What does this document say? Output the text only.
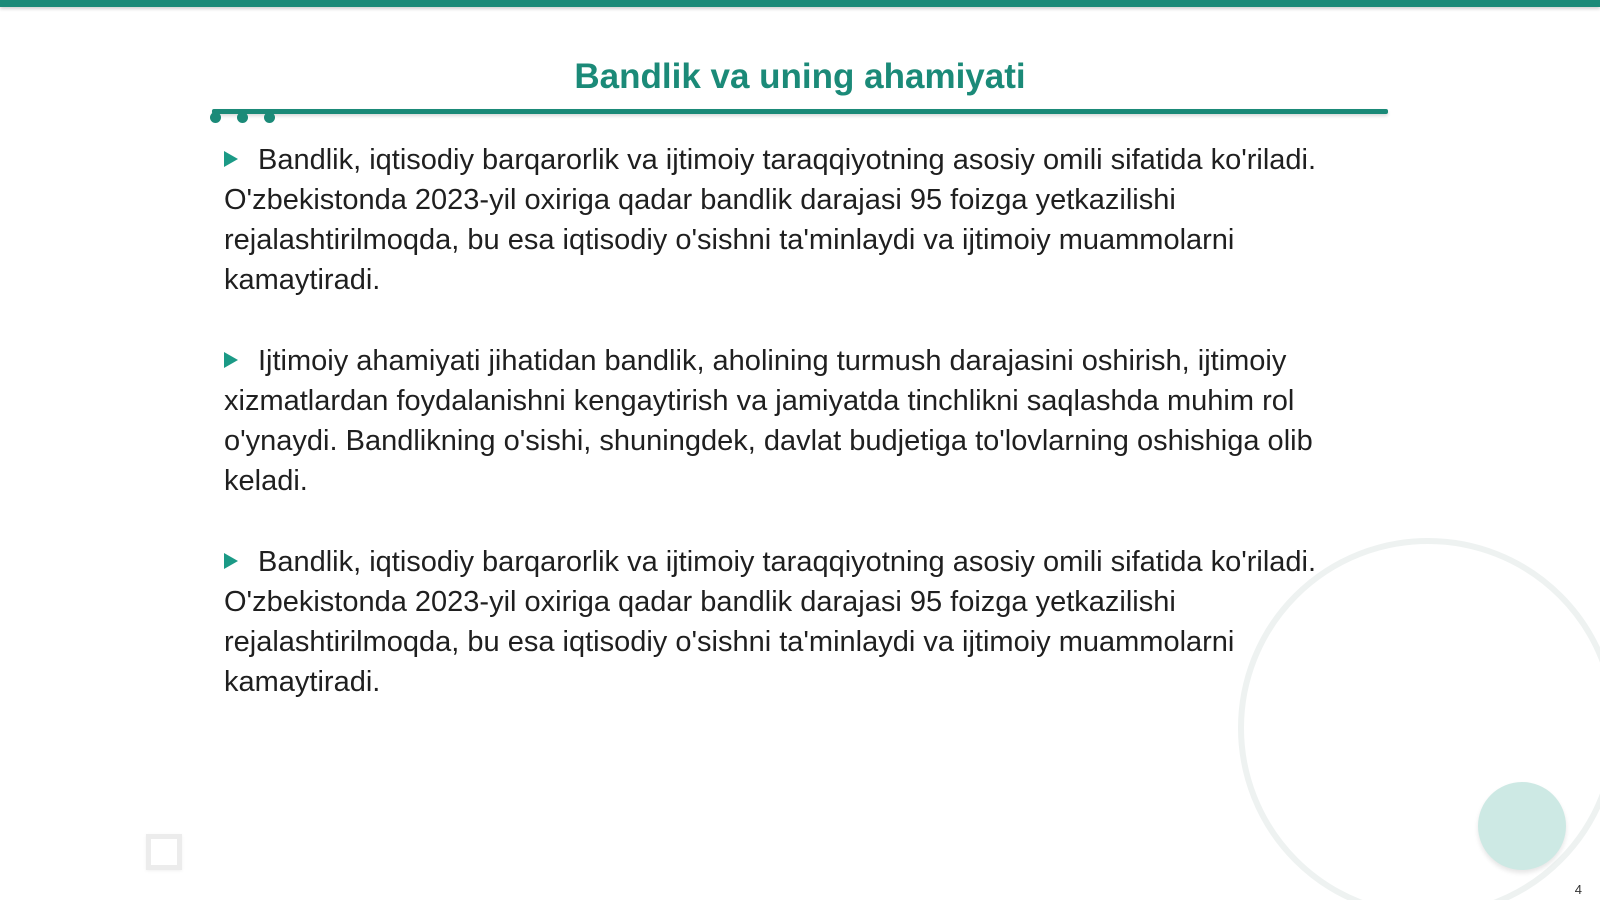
Bandlik va uning ahamiyati

Bandlik, iqtisodiy barqarorlik va ijtimoiy taraqqiyotning asosiy omili sifatida ko'riladi. O'zbekistonda 2023-yil oxiriga qadar bandlik darajasi 95 foizga yetkazilishi rejalashtirilmoqda, bu esa iqtisodiy o'sishni ta'minlaydi va ijtimoiy muammolarni kamaytiradi.

Ijtimoiy ahamiyati jihatidan bandlik, aholining turmush darajasini oshirish, ijtimoiy xizmatlardan foydalanishni kengaytirish va jamiyatda tinchlikni saqlashda muhim rol o'ynaydi. Bandlikning o'sishi, shuningdek, davlat budjetiga to'lovlarning oshishiga olib keladi.

Bandlik, iqtisodiy barqarorlik va ijtimoiy taraqqiyotning asosiy omili sifatida ko'riladi. O'zbekistonda 2023-yil oxiriga qadar bandlik darajasi 95 foizga yetkazilishi rejalashtirilmoqda, bu esa iqtisodiy o'sishni ta'minlaydi va ijtimoiy muammolarni kamaytiradi.

4
